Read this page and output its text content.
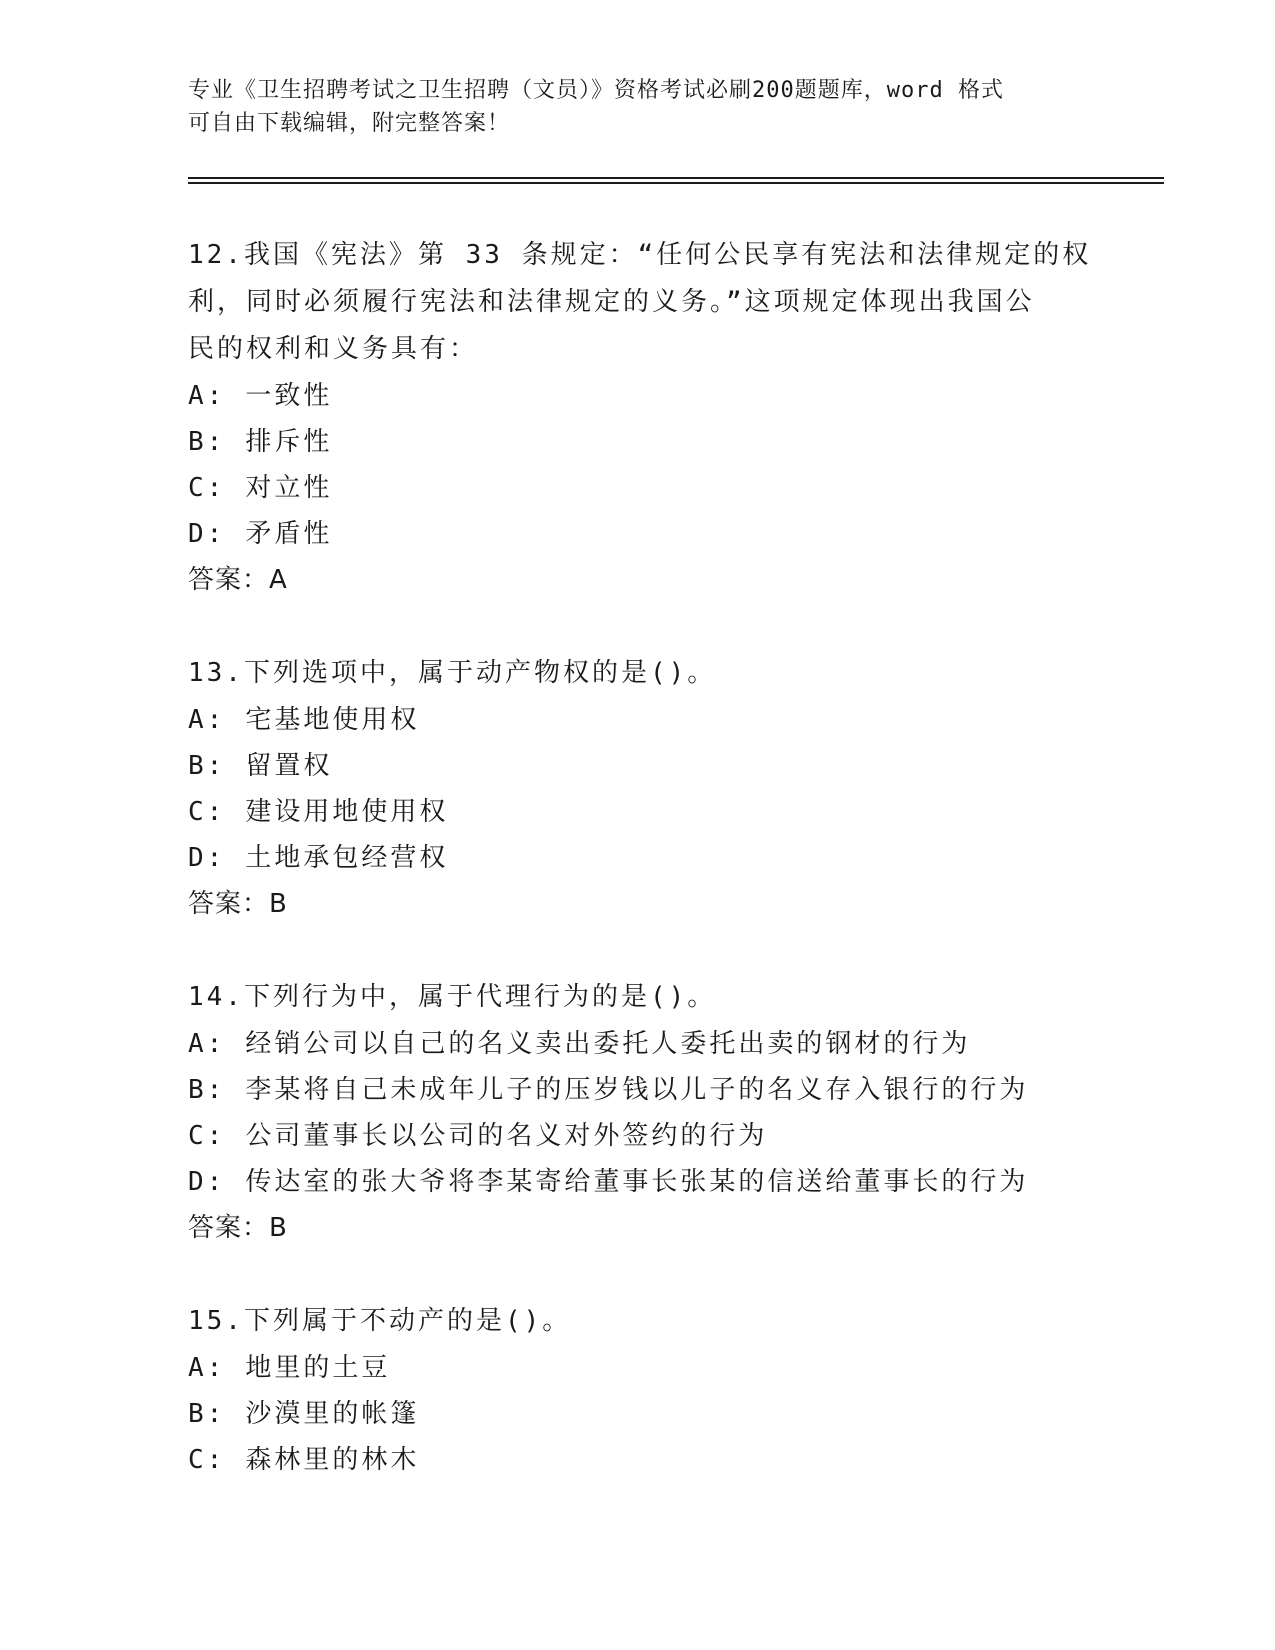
专业《卫生招聘考试之卫生招聘（文员）》资格考试必刷200题题库，word 格式
可自由下载编辑，附完整答案！
12.我国《宪法》第 33 条规定：“任何公民享有宪法和法律规定的权
利，同时必须履行宪法和法律规定的义务。”这项规定体现出我国公
民的权利和义务具有：
A: 一致性
B: 排斥性
C: 对立性
D: 矛盾性
答案：A
13.下列选项中，属于动产物权的是()。
A: 宅基地使用权
B: 留置权
C: 建设用地使用权
D: 土地承包经营权
答案：B
14.下列行为中，属于代理行为的是()。
A: 经销公司以自己的名义卖出委托人委托出卖的钢材的行为
B: 李某将自己未成年儿子的压岁钱以儿子的名义存入银行的行为
C: 公司董事长以公司的名义对外签约的行为
D: 传达室的张大爷将李某寄给董事长张某的信送给董事长的行为
答案：B
15.下列属于不动产的是()。
A: 地里的土豆
B: 沙漠里的帐篷
C: 森林里的林木
